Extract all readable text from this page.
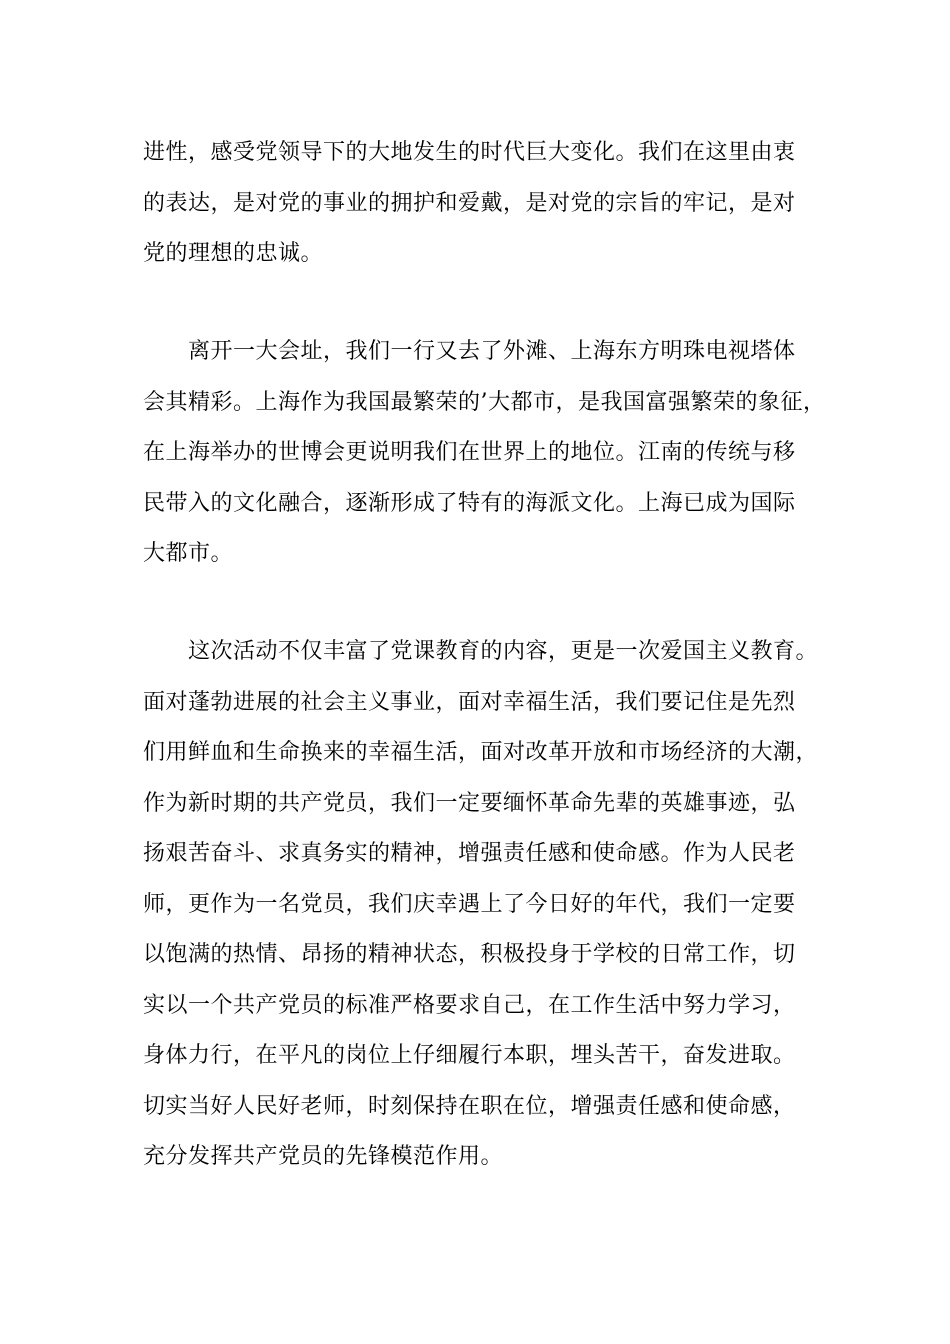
进性，感受党领导下的大地发生的时代巨大变化。我们在这里由衷
的表达，是对党的事业的拥护和爱戴，是对党的宗旨的牢记，是对
党的理想的忠诚。
　　离开一大会址，我们一行又去了外滩、上海东方明珠电视塔体
会其精彩。上海作为我国最繁荣的’大都市，是我国富强繁荣的象征，
在上海举办的世博会更说明我们在世界上的地位。江南的传统与移
民带入的文化融合，逐渐形成了特有的海派文化。上海已成为国际
大都市。
　　这次活动不仅丰富了党课教育的内容，更是一次爱国主义教育。
面对蓬勃进展的社会主义事业，面对幸福生活，我们要记住是先烈
们用鲜血和生命换来的幸福生活，面对改革开放和市场经济的大潮，
作为新时期的共产党员，我们一定要缅怀革命先辈的英雄事迹，弘
扬艰苦奋斗、求真务实的精神，增强责任感和使命感。作为人民老
师，更作为一名党员，我们庆幸遇上了今日好的年代，我们一定要
以饱满的热情、昂扬的精神状态，积极投身于学校的日常工作，切
实以一个共产党员的标准严格要求自己，在工作生活中努力学习，
身体力行，在平凡的岗位上仔细履行本职，埋头苦干，奋发进取。
切实当好人民好老师，时刻保持在职在位，增强责任感和使命感，
充分发挥共产党员的先锋模范作用。
